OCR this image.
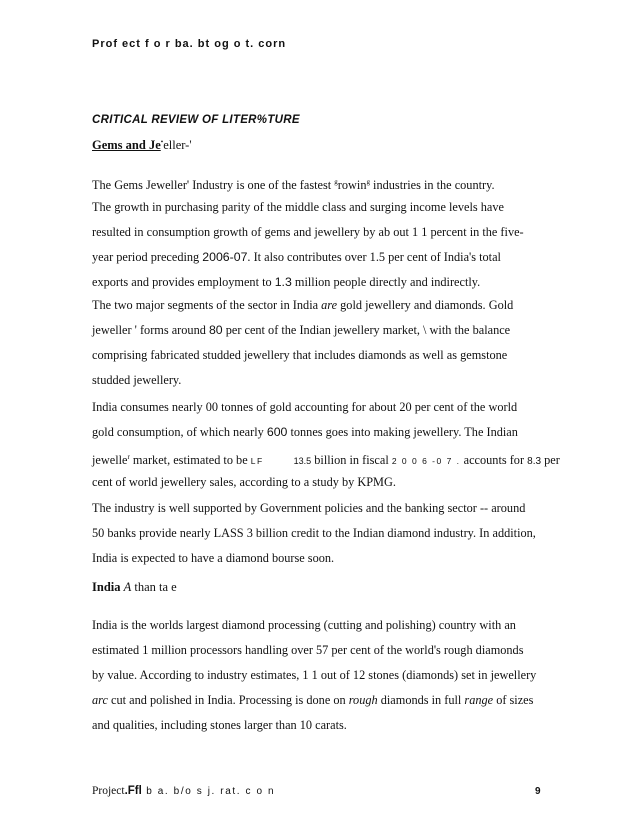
Prof ect f o r ba. bt og o t. corn
CRITICAL REVIEW OF LITER%TURE
Gems and Je•eller-'
The Gems Jeweller' Industry is one of the fastest $^g$rowin$^g$ industries in the country.
The growth in purchasing parity of the middle class and surging income levels have
resulted in consumption growth of gems and jewellery by ab out 1 1 percent in the five-
year period preceding 2006-07. It also contributes over 1.5 per cent of India's total
exports and provides employment to 1.3 million people directly and indirectly.
The two major segments of the sector in India are gold jewellery and diamonds. Gold
jeweller ' forms around 80 per cent of the Indian jewellery market, \ with the balance
comprising fabricated studded jewellery that includes diamonds as well as gemstone
studded jewellery.
India consumes nearly 00 tonnes of gold accounting for about 20 per cent of the world
gold consumption, of which nearly 600 tonnes goes into making jewellery. The Indian
jewelle$^r$ market, estimated to be LF	13.5 billion in fiscal 2 0 0 6 -0 7 . accounts for 8.3 per
cent of world jewellery sales, according to a study by KPMG.
The industry is well supported by Government policies and the banking sector -- around
50 banks provide nearly LASS 3 billion credit to the Indian diamond industry. In addition,
India is expected to have a diamond bourse soon.
India A than ta e
India is the worlds largest diamond processing (cutting and polishing) country with an
estimated 1 million processors handling over 57 per cent of the world's rough diamonds
by value. According to industry estimates, 1 1 out of 12 stones (diamonds) set in jewellery
arc cut and polished in India. Processing is done on rough diamonds in full range of sizes
and qualities, including stones larger than 10 carats.
Project.Ffl b a. b/o s j. rat. c o n	9
